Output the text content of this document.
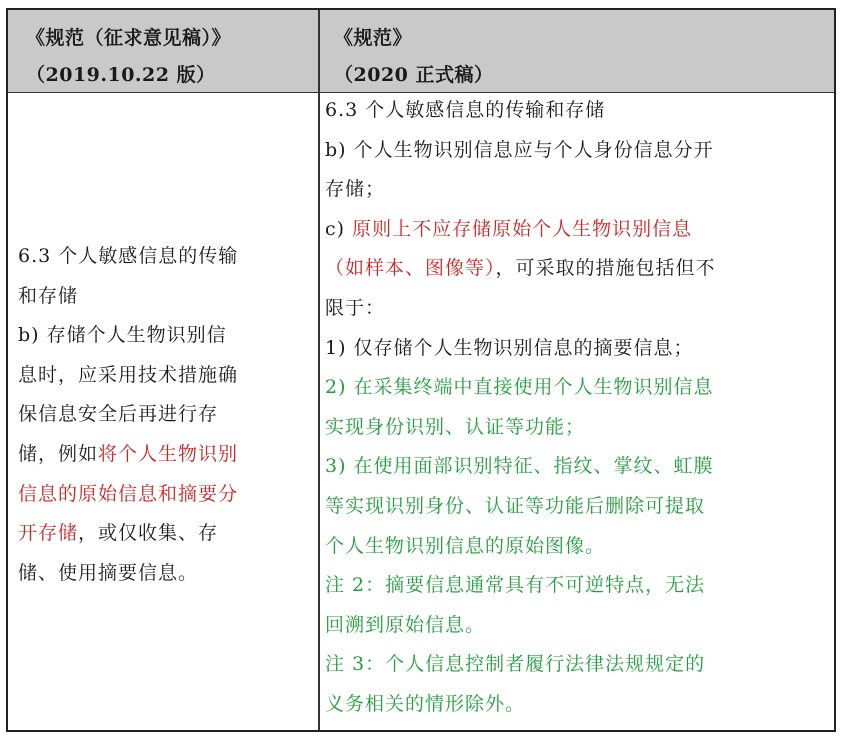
《规范（征求意见稿）》
（2019.10.22 版）
《规范》
（2020 正式稿）
6.3 个人敏感信息的传输
和存储
b) 存储个人生物识别信
息时，应采用技术措施确
保信息安全后再进行存
储，例如将个人生物识别
信息的原始信息和摘要分
开存储，或仅收集、存
储、使用摘要信息。
6.3 个人敏感信息的传输和存储
b) 个人生物识别信息应与个人身份信息分开
存储；
c) 原则上不应存储原始个人生物识别信息
（如样本、图像等），可采取的措施包括但不
限于：
1) 仅存储个人生物识别信息的摘要信息；
2) 在采集终端中直接使用个人生物识别信息
实现身份识别、认证等功能；
3) 在使用面部识别特征、指纹、掌纹、虹膜
等实现识别身份、认证等功能后删除可提取
个人生物识别信息的原始图像。
注 2：摘要信息通常具有不可逆特点，无法
回溯到原始信息。
注 3：个人信息控制者履行法律法规规定的
义务相关的情形除外。
